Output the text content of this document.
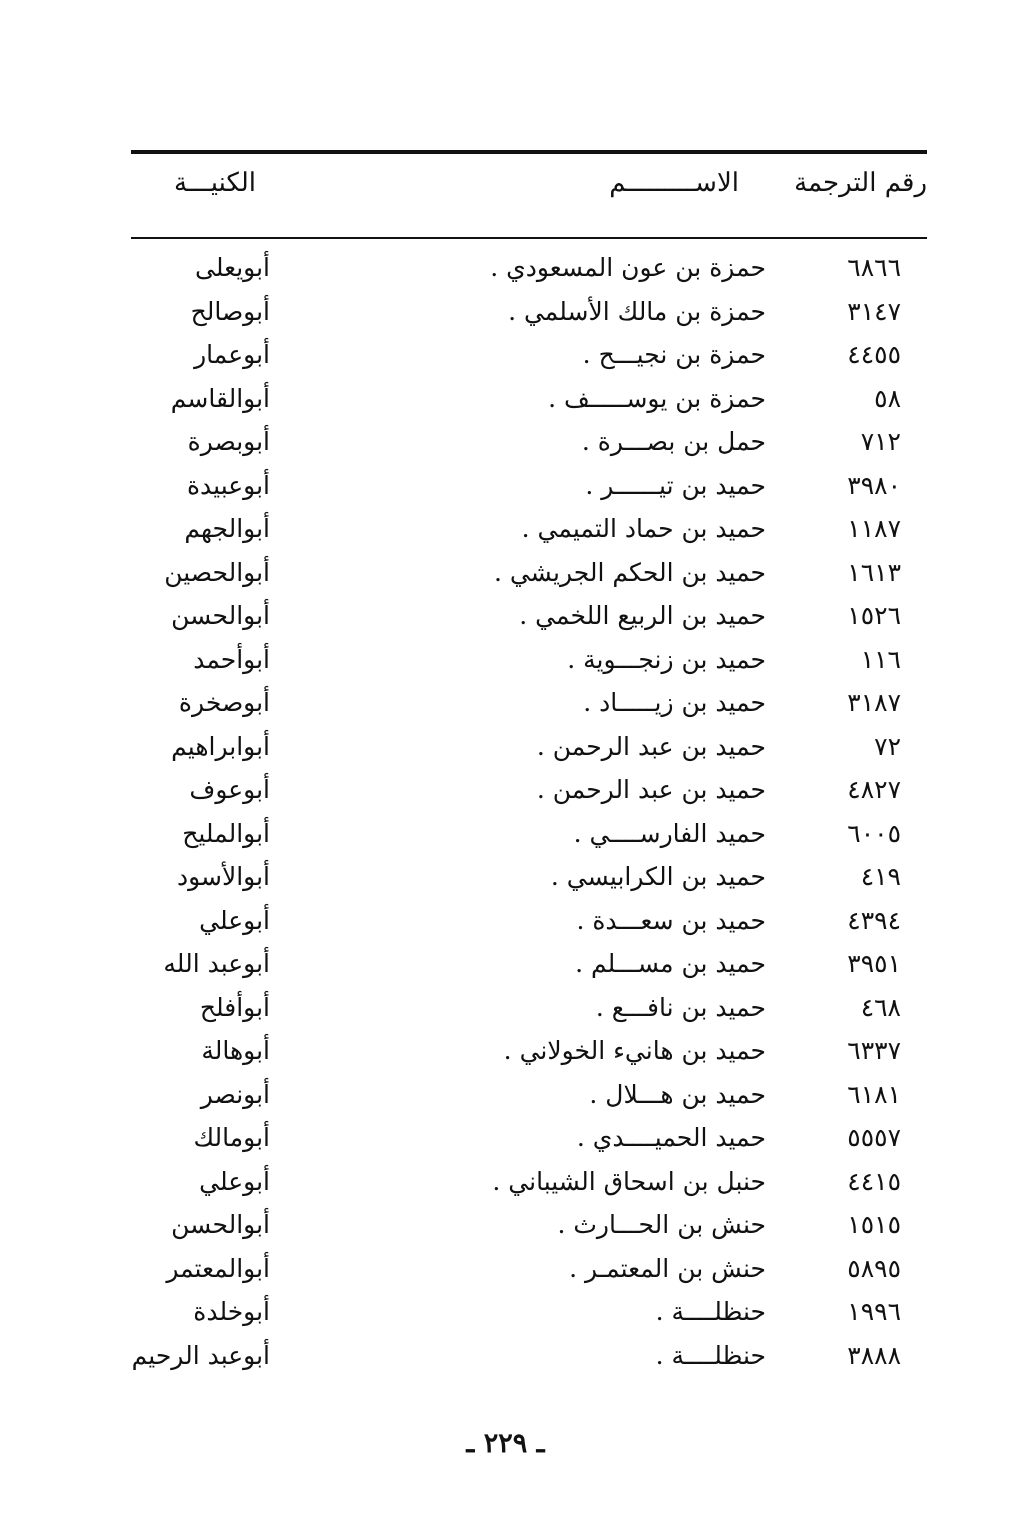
رقم الترجمة
الاســـــــــم
الكنيـــة
٦٨٦٦
حمزة بن عون المسعودي .
أبويعلى
٣١٤٧
حمزة بن مالك الأسلمي .
أبوصالح
٤٤٥٥
حمزة بن نجيـــح .
أبوعمار
٥٨
حمزة بن يوســـــف .
أبوالقاسم
٧١٢
حمل بن بصـــرة .
أبوبصرة
٣٩٨٠
حميد بن تيــــــر .
أبوعبيدة
١١٨٧
حميد بن حماد التميمي .
أبوالجهم
١٦١٣
حميد بن الحكم الجريشي .
أبوالحصين
١٥٢٦
حميد بن الربيع اللخمي .
أبوالحسن
١١٦
حميد بن زنجـــوية .
أبوأحمد
٣١٨٧
حميد بن زيـــــاد .
أبوصخرة
٧٢
حميد بن عبد الرحمن .
أبوابراهيم
٤٨٢٧
حميد بن عبد الرحمن .
أبوعوف
٦٠٠٥
حميد الفارســــي .
أبوالمليح
٤١٩
حميد بن الكرابيسي .
أبوالأسود
٤٣٩٤
حميد بن سعـــدة .
أبوعلي
٣٩٥١
حميد بن مســـلم .
أبوعبد الله
٤٦٨
حميد بن نافـــع .
أبوأفلح
٦٣٣٧
حميد بن هانيء الخولاني .
أبوهالة
٦١٨١
حميد بن هـــلال .
أبونصر
٥٥٥٧
حميد الحميــــدي .
أبومالك
٤٤١٥
حنبل بن اسحاق الشيباني .
أبوعلي
١٥١٥
حنش بن الحـــارث .
أبوالحسن
٥٨٩٥
حنش بن المعتمـر .
أبوالمعتمر
١٩٩٦
حنظلــــة .
أبوخلدة
٣٨٨٨
حنظلــــة .
أبوعبد الرحيم
ـ ٢٢٩ ـ
